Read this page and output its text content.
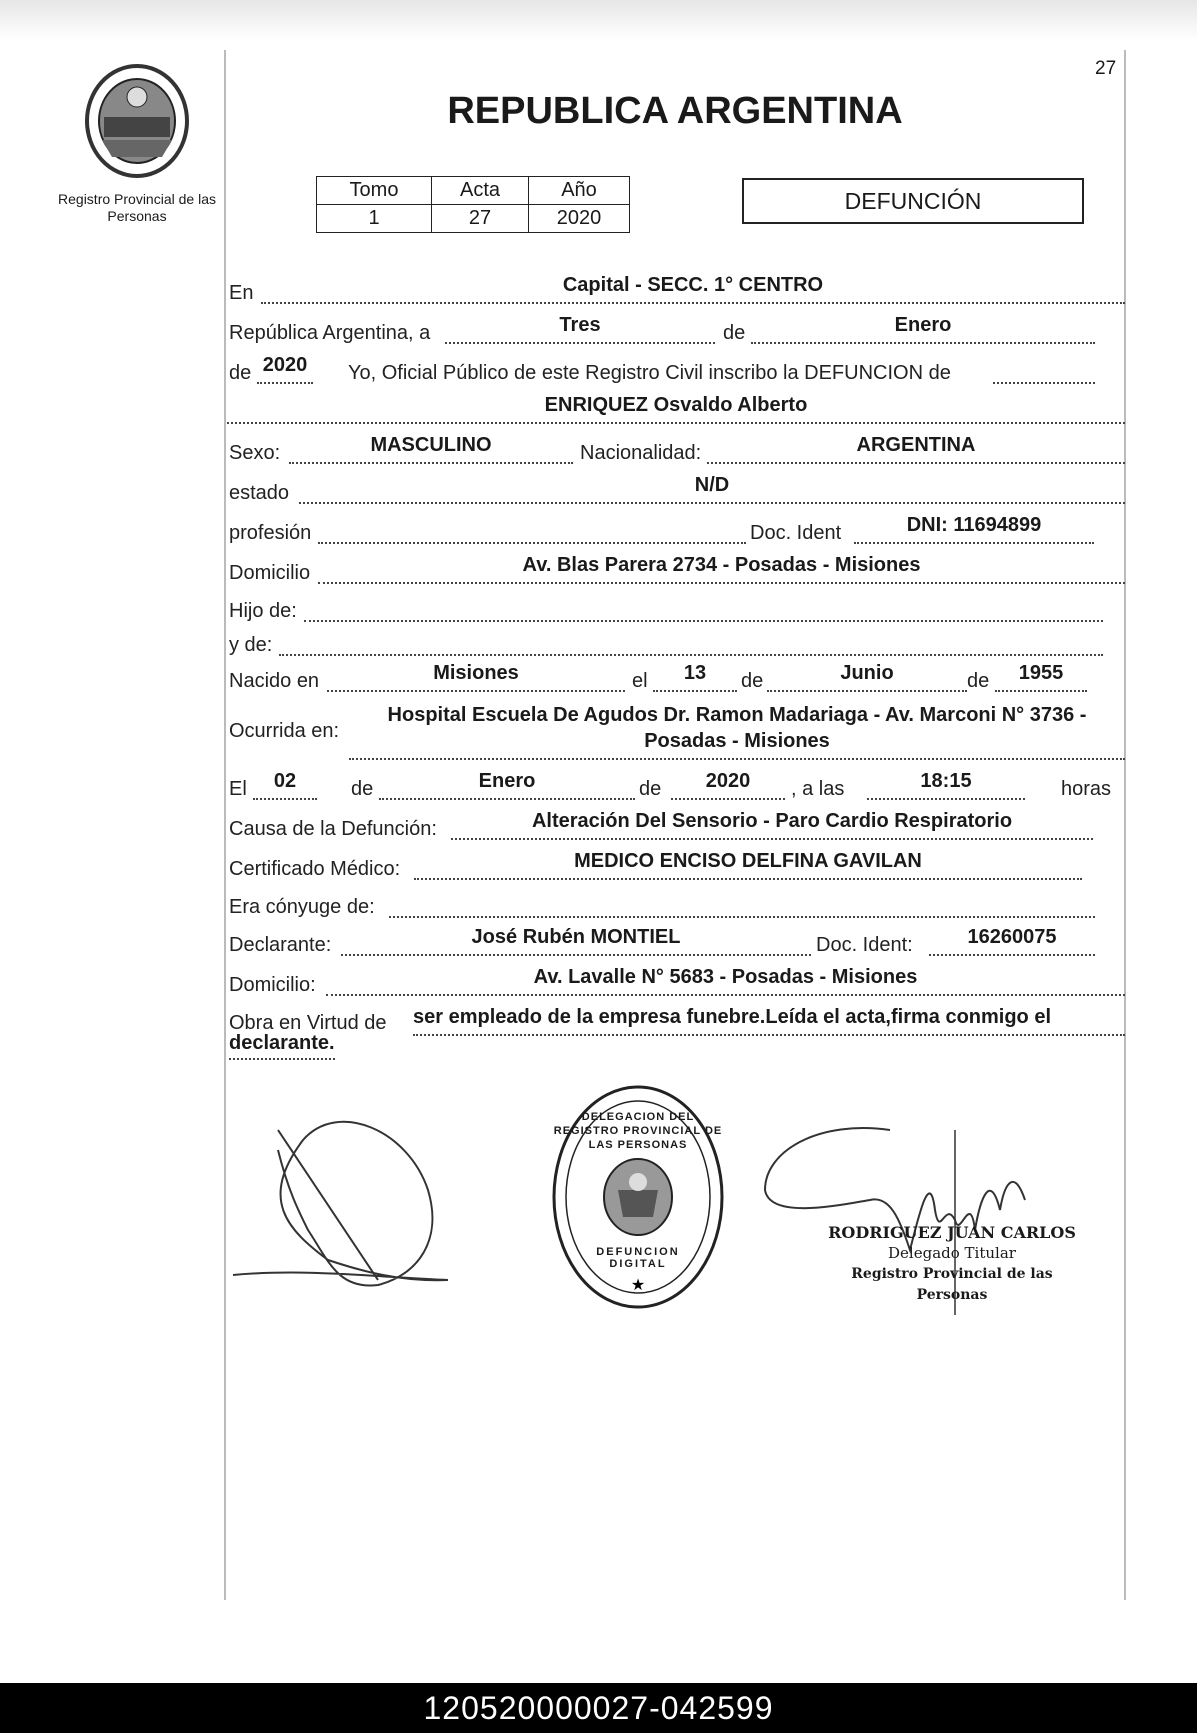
27
Registro Provincial de las Personas
REPUBLICA ARGENTINA
Tomo	Acta	Año
1	27	2020
DEFUNCIÓN
En	Capital - SECC. 1° CENTRO
República Argentina, a	Tres	de	Enero
de 2020 Yo, Oficial Público de este Registro Civil inscribo la DEFUNCION de
ENRIQUEZ Osvaldo Alberto
Sexo:	MASCULINO	Nacionalidad:	ARGENTINA
estado	N/D
profesión	Doc. Ident	DNI: 11694899
Domicilio	Av. Blas Parera 2734 - Posadas - Misiones
Hijo de:
y de:
Nacido en	Misiones	el	13	de	Junio	de	1955
Ocurrida en:
Hospital Escuela De Agudos Dr. Ramon Madariaga - Av. Marconi N° 3736 -
Posadas - Misiones
El	02	de	Enero	de	2020	, a las	18:15	horas
Causa de la Defunción:	Alteración Del Sensorio - Paro Cardio Respiratorio
Certificado Médico:	MEDICO ENCISO DELFINA GAVILAN
Era cónyuge de:
Declarante:	José Rubén MONTIEL	Doc. Ident:	16260075
Domicilio:	Av. Lavalle N° 5683 - Posadas - Misiones
Obra en Virtud de ser empleado de la empresa funebre.Leída el acta,firma conmigo el
declarante.
★
DELEGACION DEL REGISTRO PROVINCIAL DE LAS PERSONAS
DEFUNCION DIGITAL
RODRIGUEZ JUAN CARLOS
Delegado Titular
Registro Provincial de las Personas
120520000027-042599
